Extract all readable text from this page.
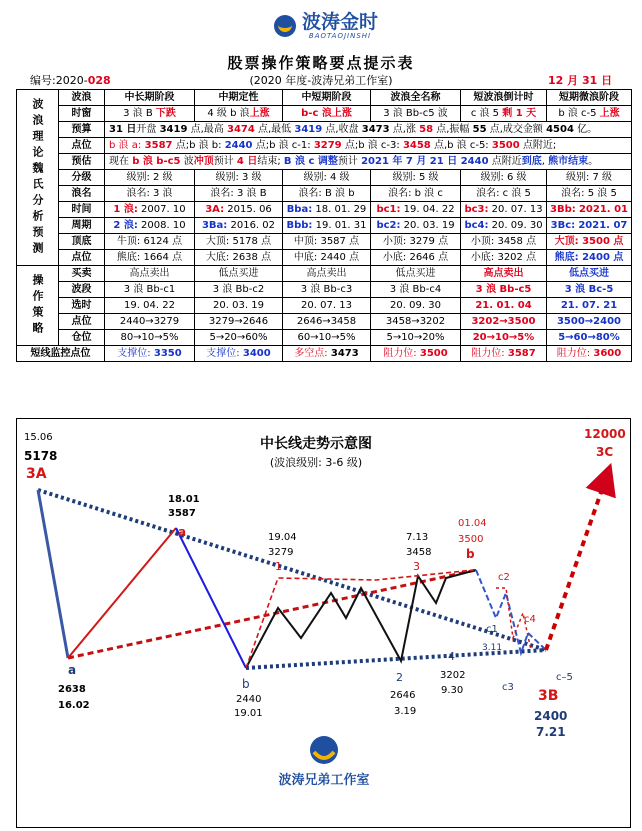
波涛金时
BAOTAOJINSHI
股票操作策略要点提示表
编号:2020-028	(2020 年度-波涛兄弟工作室)	12 月 31 日
波浪理论魏氏分析预测	波浪	中长期阶段	中期定性	中短期阶段	波浪全名称	短波浪倒计时	短期微浪阶段
	时窗	3 浪 B 下跌	4 级 b 浪上涨	b-c 浪上涨	3 浪 Bb-c5 波	c 浪 5 剩 1 天	b 浪 c-5 上涨
	预算	31 日开盘 3419 点,最高 3474 点,最低 3419 点,收盘 3473 点,涨 58 点,振幅 55 点,成交金额 4504 亿。					
	点位	b 浪 a: 3587 点;b 浪 b: 2440 点;b 浪 c-1: 3279 点;b 浪 c-3: 3458 点,b 浪 c-5: 3500 点附近;					
	预估	现在 b 浪 b-c5 波冲顶预计 4 日结束; B 浪 c 调整预计 2021 年 7 月 21 日 2440 点附近到底, 熊市结束。					
	分级	级别: 2 级	级别: 3 级	级别: 4 级	级别: 5 级	级别: 6 级	级别: 7 级
	浪名	浪名: 3 浪	浪名: 3 浪 B	浪名: B 浪 b	浪名: b 浪 c	浪名: c 浪 5	浪名: 5 浪 5
	时间	1 浪: 2007. 10	3A: 2015. 06	Bba: 18. 01. 29	bc1: 19. 04. 22	bc3: 20. 07. 13	3Bb: 2021. 01
	周期	2 浪: 2008. 10	3Ba: 2016. 02	Bbb: 19. 01. 31	bc2: 20. 03. 19	bc4: 20. 09. 30	3Bc: 2021. 07
	顶底	牛顶: 6124 点	大顶: 5178 点	中顶: 3587 点	小顶: 3279 点	小顶: 3458 点	大顶: 3500 点
	点位	熊底: 1664 点	大底: 2638 点	中底: 2440 点	小底: 2646 点	小底: 3202 点	熊底: 2400 点
操作策略	买卖	高点卖出	低点买进	高点卖出	低点买进	高点卖出	低点买进
	波段	3 浪 Bb-c1	3 浪 Bb-c2	3 浪 Bb-c3	3 浪 Bb-c4	3 浪 Bb-c5	3 浪 Bc-5
	选时	19. 04. 22	20. 03. 19	20. 07. 13	20. 09. 30	21. 01. 04	21. 07. 21
	点位	2440→3279	3279→2646	2646→3458	3458→3202	3202→3500	3500→2400
	仓位	80→10→5%	5→20→60%	60→10→5%	5→10→20%	20→10→5%	5→60→80%
短线监控点位		支撑位: 3350	支撑位: 3400	多空点: 3473	阻力位: 3500	阻力位: 3587	阻力位: 3600
中长线走势示意图
(波浪级别: 3-6 级)
15.06
5178
3A
18.01
3587
a	19.04
3279
1
7.13
3458
3
01.04
3500
b
a
2638
16.02
b
2440
19.01
2
2646
3.19
4
3202
9.30
c1
3.11
c2
c3
c4
c–5
12000
3C
3B
2400
7.21
波涛兄弟工作室
